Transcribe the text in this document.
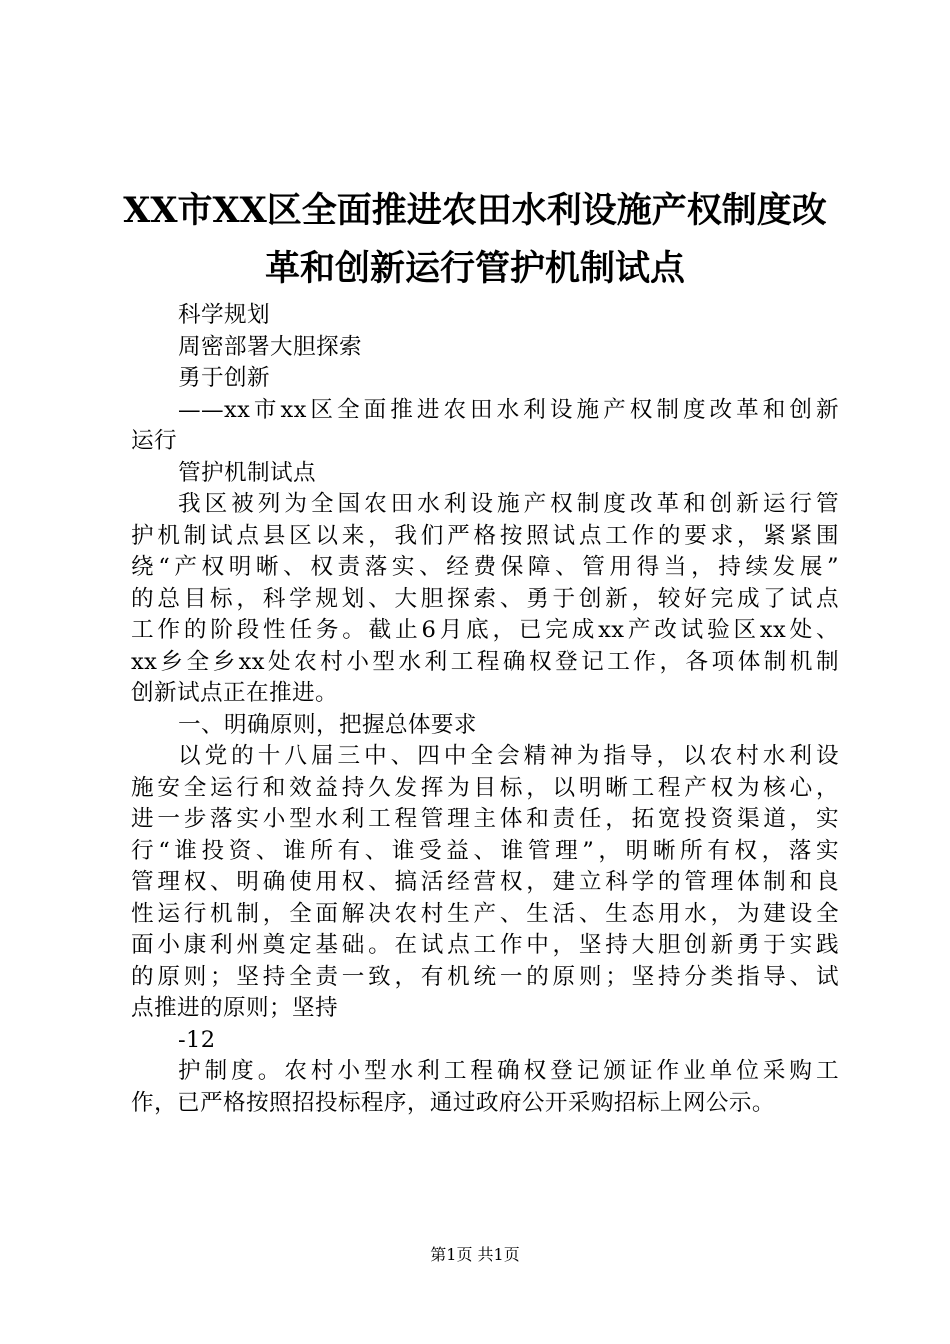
XX市XX区全面推进农田水利设施产权制度改
革和创新运行管护机制试点
科学规划
周密部署大胆探索
勇于创新
——xx市xx区全面推进农田水利设施产权制度改革和创新
运行
管护机制试点
我区被列为全国农田水利设施产权制度改革和创新运行管
护机制试点县区以来，我们严格按照试点工作的要求，紧紧围
绕“产权明晰、权责落实、经费保障、管用得当，持续发展”
的总目标，科学规划、大胆探索、勇于创新，较好完成了试点
工作的阶段性任务。截止6月底，已完成xx产改试验区xx处、
xx乡全乡xx处农村小型水利工程确权登记工作，各项体制机制
创新试点正在推进。
一、明确原则，把握总体要求
以党的十八届三中、四中全会精神为指导，以农村水利设
施安全运行和效益持久发挥为目标，以明晰工程产权为核心，
进一步落实小型水利工程管理主体和责任，拓宽投资渠道，实
行“谁投资、谁所有、谁受益、谁管理”，明晰所有权，落实
管理权、明确使用权、搞活经营权，建立科学的管理体制和良
性运行机制，全面解决农村生产、生活、生态用水，为建设全
面小康利州奠定基础。在试点工作中，坚持大胆创新勇于实践
的原则；坚持全责一致，有机统一的原则；坚持分类指导、试
点推进的原则；坚持
-12
护制度。农村小型水利工程确权登记颁证作业单位采购工
作，已严格按照招投标程序，通过政府公开采购招标上网公示。
第1页 共1页
